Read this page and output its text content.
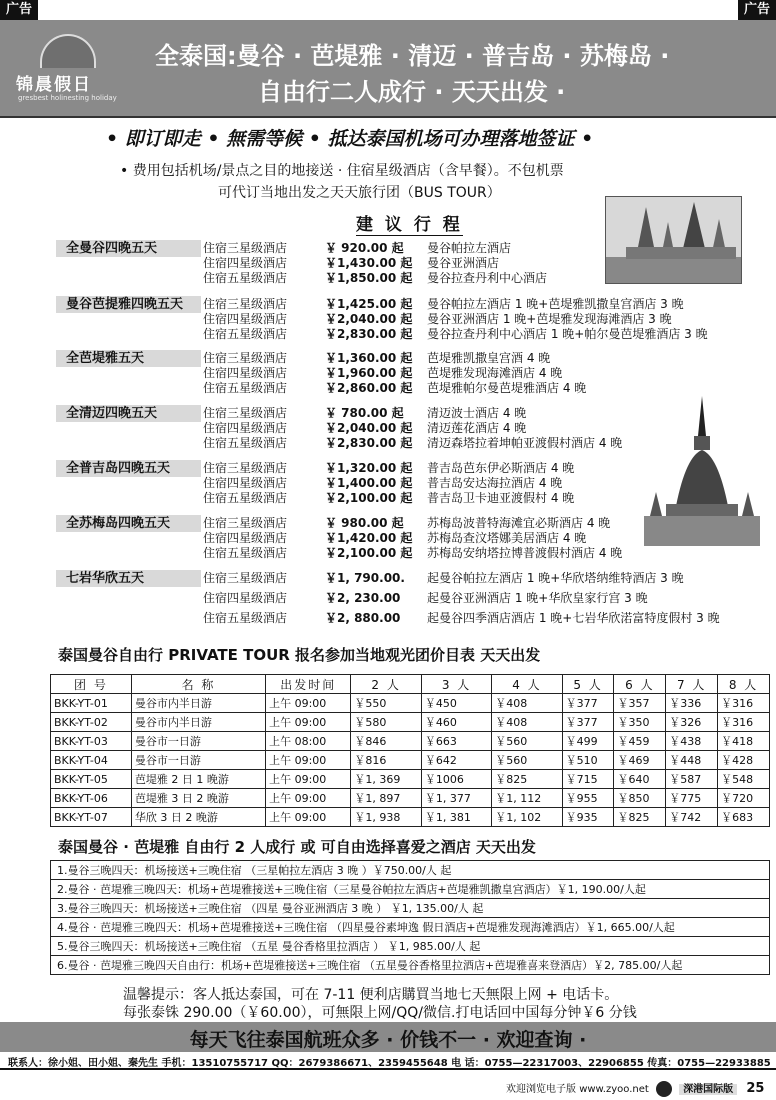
广告	广告
锦晨假日
gresbest holinesting holiday
全泰国:曼谷 · 芭堤雅 · 清迈 · 普吉岛 · 苏梅岛 ·
自由行二人成行 · 天天出发 ·
• 即订即走 • 無需等候 • 抵达泰国机场可办理落地签证 •
• 费用包括机场/景点之目的地接送 · 住宿星级酒店（含早餐）。不包机票
可代订当地出发之天天旅行团（BUS TOUR）
建 议 行 程
全曼谷四晚五天	住宿三星级酒店	￥ 920.00 起	曼谷帕拉左酒店
住宿四星级酒店	￥1,430.00 起	曼谷亚洲酒店
住宿五星级酒店	￥1,850.00 起	曼谷拉查丹利中心酒店
曼谷芭提雅四晚五天	住宿三星级酒店	￥1,425.00 起	曼谷帕拉左酒店 1 晚+芭堤雅凯撒皇宫酒店 3 晚
住宿四星级酒店	￥2,040.00 起	曼谷亚洲酒店 1 晚+芭堤雅发现海滩酒店 3 晚
住宿五星级酒店	￥2,830.00 起	曼谷拉查丹利中心酒店 1 晚+帕尔曼芭堤雅酒店 3 晚
全芭堤雅五天	住宿三星级酒店	￥1,360.00 起	芭堤雅凯撒皇宫酒 4 晚
住宿四星级酒店	￥1,960.00 起	芭堤雅发现海滩酒店 4 晚
住宿五星级酒店	￥2,860.00 起	芭堤雅帕尔曼芭堤雅酒店 4 晚
全清迈四晚五天	住宿三星级酒店	￥ 780.00 起	清迈波士酒店 4 晚
住宿四星级酒店	￥2,040.00 起	清迈莲花酒店 4 晚
住宿五星级酒店	￥2,830.00 起	清迈森塔拉着坤帕亚渡假村酒店 4 晚
全普吉岛四晚五天	住宿三星级酒店	￥1,320.00 起	普吉岛芭东伊必斯酒店 4 晚
住宿四星级酒店	￥1,400.00 起	普吉岛安达海拉酒店 4 晚
住宿五星级酒店	￥2,100.00 起	普吉岛卫卡迪亚渡假村 4 晚
全苏梅岛四晚五天	住宿三星级酒店	￥ 980.00 起	苏梅岛波普特海滩宜必斯酒店 4 晚
住宿四星级酒店	￥1,420.00 起	苏梅岛查汶塔娜美居酒店 4 晚
住宿五星级酒店	￥2,100.00 起	苏梅岛安纳塔拉博普渡假村酒店 4 晚
七岩华欣五天	住宿三星级酒店	￥1, 790.00.	起曼谷帕拉左酒店 1 晚+华欣塔纳维特酒店 3 晚
住宿四星级酒店	￥2, 230.00	起曼谷亚洲酒店 1 晚+华欣皇家行宫 3 晚
住宿五星级酒店	￥2, 880.00	起曼谷四季酒店酒店 1 晚+七岩华欣渃富特度假村 3 晚
泰国曼谷自由行 PRIVATE TOUR 报名参加当地观光团价目表 天天出发
团 号	名 称	出发时间	2 人	3 人	4 人	5 人	6 人	7 人	8 人
BKK-YT-01	曼谷市内半日游	上午 09:00	￥550	￥450	￥408	￥377	￥357	￥336	￥316
BKK-YT-02	曼谷市内半日游	上午 09:00	￥580	￥460	￥408	￥377	￥350	￥326	￥316
BKK-YT-03	曼谷市一日游	上午 08:00	￥846	￥663	￥560	￥499	￥459	￥438	￥418
BKK-YT-04	曼谷市一日游	上午 09:00	￥816	￥642	￥560	￥510	￥469	￥448	￥428
BKK-YT-05	芭堤雅 2 日 1 晚游	上午 09:00	￥1, 369	￥1006	￥825	￥715	￥640	￥587	￥548
BKK-YT-06	芭堤雅 3 日 2 晚游	上午 09:00	￥1, 897	￥1, 377	￥1, 112	￥955	￥850	￥775	￥720
BKK-YT-07	华欣 3 日 2 晚游	上午 09:00	￥1, 938	￥1, 381	￥1, 102	￥935	￥825	￥742	￥683
泰国曼谷 · 芭堤雅 自由行 2 人成行 或 可自由选择喜爱之酒店 天天出发
1.曼谷三晚四天：机场接送+三晚住宿 （三星帕拉左酒店 3 晚 ）￥750.00/人 起
2.曼谷 · 芭堤雅三晚四天：机场+芭堤雅接送+三晚住宿（三星曼谷帕拉左酒店+芭堤雅凯撒皇宫酒店）￥1, 190.00/人起
3.曼谷三晚四天：机场接送+三晚住宿 （四星 曼谷亚洲酒店 3 晚 ） ￥1, 135.00/人 起
4.曼谷 · 芭堤雅三晚四天：机场+芭堤雅接送+三晚住宿 （四星曼谷素坤逸 假日酒店+芭堤雅发现海滩酒店）￥1, 665.00/人起
5.曼谷三晚四天：机场接送+三晚住宿 （五星 曼谷香格里拉酒店 ） ￥1, 985.00/人 起
6.曼谷 · 芭堤雅三晚四天自由行：机场+芭堤雅接送+三晚住宿 （五星曼谷香格里拉酒店+芭堤雅喜来登酒店）￥2, 785.00/人起
温馨提示：客人抵达泰国，可在 7-11 便利店購買当地七天無限上网 + 电话卡。
每张泰铢 290.00（￥60.00），可無限上网/QQ/微信.打电话回中国每分钟￥6 分钱
每天飞往泰国航班众多 · 价钱不一 · 欢迎查询 ·
联系人：徐小姐、田小姐、秦先生 手机：13510755717 QQ：2679386671、2359455648 电 话：0755—22317003、22906855 传真：0755—22933885
欢迎浏览电子版 www.zyoo.net	深港国际版 25
